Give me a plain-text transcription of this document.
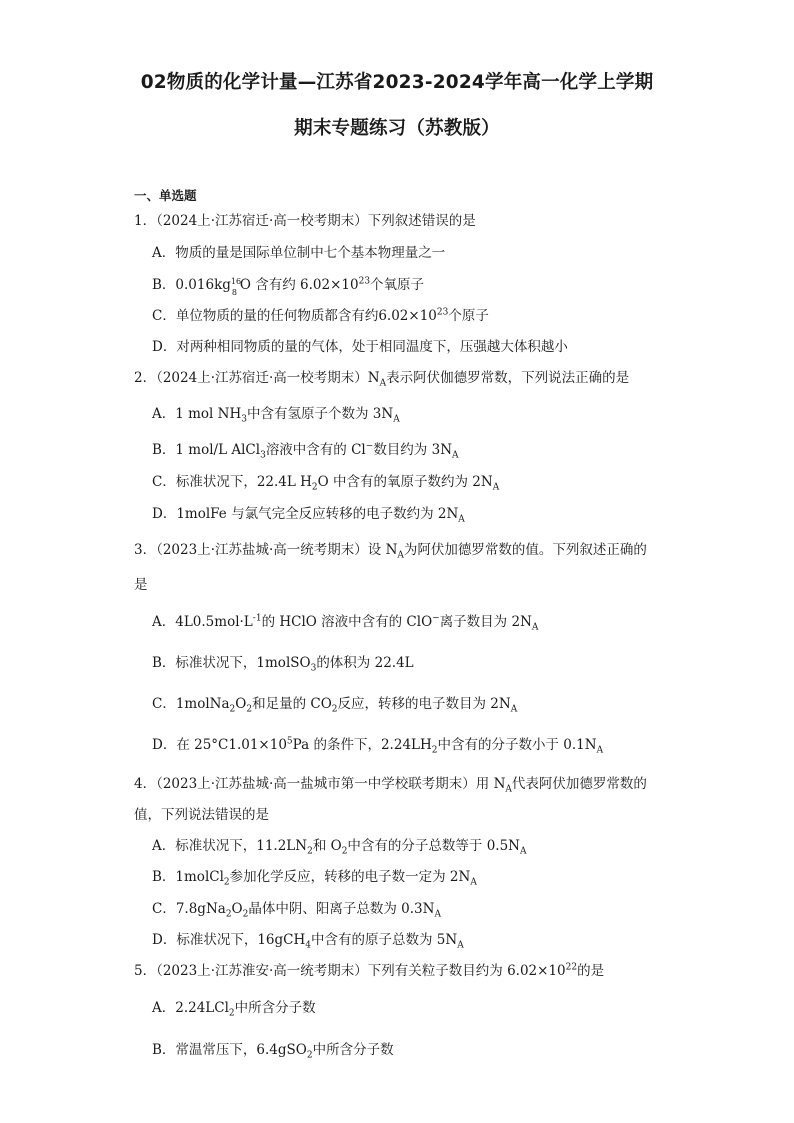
02物质的化学计量—江苏省2023-2024学年高一化学上学期
期末专题练习（苏教版）
一、单选题
1．（2024上·江苏宿迁·高一校考期末）下列叙述错误的是
A．物质的量是国际单位制中七个基本物理量之一
B．0.016kg 16
8 O 含有约 $6.02\times 10^{23}$个氧原子
C．单位物质的量的任何物质都含有约$6.02\times 10^{23}$个原子
D．对两种相同物质的量的气体，处于相同温度下，压强越大体积越小
2．（2024上·江苏宿迁·高一校考期末）$N_A$表示阿伏伽德罗常数，下列说法正确的是
A．1 mol $NH_3$中含有氢原子个数为 $3N_A$
B．1 mol/L AlCl$_3$溶液中含有的 Cl−数目约为 $3N_A$
C．标准状况下，22.4L $H_2O$ 中含有的氧原子数约为 $2N_A$
D．1molFe 与氯气完全反应转移的电子数约为 $2N_A$
3．（2023上·江苏盐城·高一统考期末）设 $N_A$为阿伏加德罗常数的值。下列叙述正确的
是
A．$4L0.5mol\cdot L^{-1}$的 HClO 溶液中含有的 ClO−离子数目为 $2N_A$
B．标准状况下，1molSO$_3$的体积为 22.4L
C．$1molNa_2O_2$和足量的 $CO_2$反应，转移的电子数目为 $2N_A$
D．在 $25^\circ C1.01\times 10^5Pa$ 的条件下，$2.24LH_2$中含有的分子数小于 $0.1N_A$
4．（2023上·江苏盐城·高一盐城市第一中学校联考期末）用 $N_A$代表阿伏加德罗常数的
值，下列说法错误的是
A．标准状况下，$11.2LN_2$和 $O_2$中含有的分子总数等于 $0.5N_A$
B．1molCl$_2$参加化学反应，转移的电子数一定为 $2N_A$
C．$7.8gNa_2O_2$晶体中阴、阳离子总数为 $0.3N_A$
D．标准状况下，16gCH$_4$中含有的原子总数为 $5N_A$
5．（2023上·江苏淮安·高一统考期末）下列有关粒子数目约为 $6.02\times 10^{22}$的是
A．2.24LCl$_2$中所含分子数
B．常温常压下，6.4gSO$_2$中所含分子数
